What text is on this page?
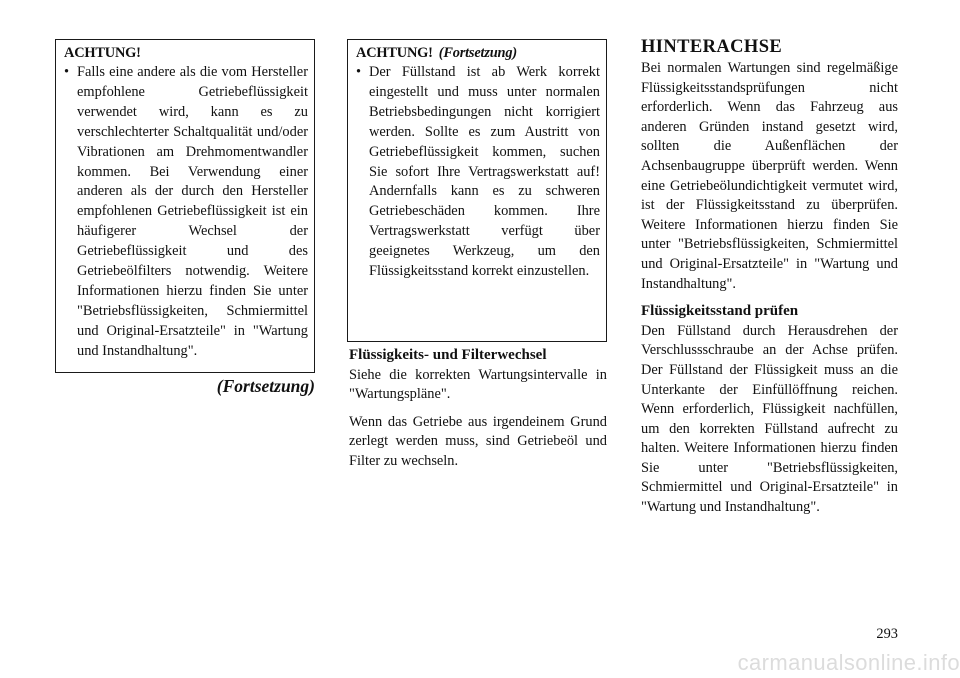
ACHTUNG!

• Falls eine andere als die vom Hersteller empfohlene Getriebeflüssigkeit verwendet wird, kann es zu verschlechterter Schaltqualität und/oder Vibrationen am Drehmomentwandler kommen. Bei Verwendung einer anderen als der durch den Hersteller empfohlenen Getriebeflüssigkeit ist ein häufigerer Wechsel der Getriebeflüssigkeit und des Getriebeölfilters notwendig. Weitere Informationen hierzu finden Sie unter "Betriebsflüssigkeiten, Schmiermittel und Original-Ersatzteile" in "Wartung und Instandhaltung".

(Fortsetzung)
ACHTUNG! (Fortsetzung)

• Der Füllstand ist ab Werk korrekt eingestellt und muss unter normalen Betriebsbedingungen nicht korrigiert werden. Sollte es zum Austritt von Getriebeflüssigkeit kommen, suchen Sie sofort Ihre Vertragswerkstatt auf! Andernfalls kann es zu schweren Getriebeschäden kommen. Ihre Vertragswerkstatt verfügt über geeignetes Werkzeug, um den Flüssigkeitsstand korrekt einzustellen.

Flüssigkeits- und Filterwechsel

Siehe die korrekten Wartungsintervalle in "Wartungspläne".

Wenn das Getriebe aus irgendeinem Grund zerlegt werden muss, sind Getriebeöl und Filter zu wechseln.

HINTERACHSE

Bei normalen Wartungen sind regelmäßige Flüssigkeitsstandsprüfungen nicht erforderlich. Wenn das Fahrzeug aus anderen Gründen instand gesetzt wird, sollten die Außenflächen der Achsenbaugruppe überprüft werden. Wenn eine Getriebeölundichtigkeit vermutet wird, ist der Flüssigkeitsstand zu überprüfen. Weitere Informationen hierzu finden Sie unter "Betriebsflüssigkeiten, Schmiermittel und Original-Ersatzteile" in "Wartung und Instandhaltung".

Flüssigkeitsstand prüfen

Den Füllstand durch Herausdrehen der Verschlussschraube an der Achse prüfen. Der Füllstand der Flüssigkeit muss an die Unterkante der Einfüllöffnung reichen. Wenn erforderlich, Flüssigkeit nachfüllen, um den korrekten Füllstand aufrecht zu halten. Weitere Informationen hierzu finden Sie unter "Betriebsflüssigkeiten, Schmiermittel und Original-Ersatzteile" in "Wartung und Instandhaltung".

293
carmanualsonline.info
